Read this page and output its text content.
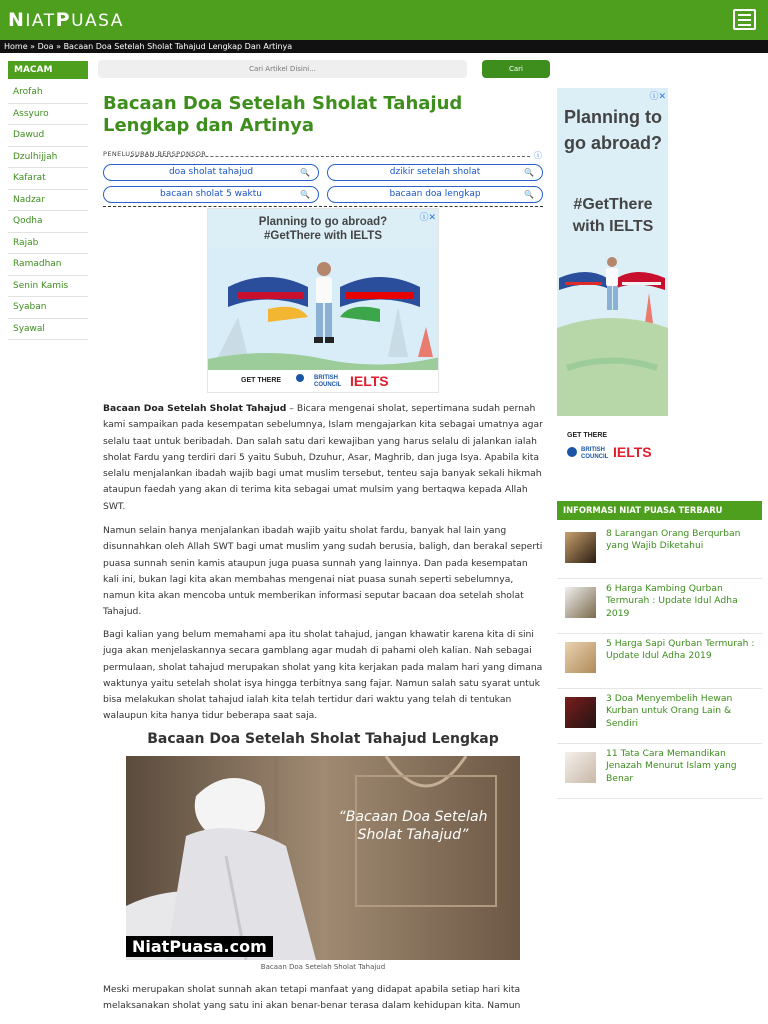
NIATPUASA
Home » Doa » Bacaan Doa Setelah Sholat Tahajud Lengkap Dan Artinya
MACAM
Arofah
Assyuro
Dawud
Dzulhijjah
Kafarat
Nadzar
Qodha
Rajab
Ramadhan
Senin Kamis
Syaban
Syawal
Cari Artikel Disini...
Cari
Bacaan Doa Setelah Sholat Tahajud Lengkap dan Artinya
PENELUSURAN BERSPONSOR	ⓘ
doa sholat tahajud	🔍	dzikir setelah sholat	🔍
bacaan sholat 5 waktu	🔍	bacaan doa lengkap	🔍
ⓘ✕
Planning to go abroad? #GetThere with IELTS
GET THERE	BRITISH
COUNCIL IELTS
ⓘ✕
Planning to go abroad?
#GetThere with IELTS
GET THERE
BRITISH
COUNCIL IELTS

Bacaan Doa Setelah Sholat Tahajud – Bicara mengenai sholat, sepertimana sudah pernah kami sampaikan pada kesempatan sebelumnya, Islam mengajarkan kita sebagai umatnya agar selalu taat untuk beribadah. Dan salah satu dari kewajiban yang harus selalu di jalankan ialah sholat Fardu yang terdiri dari 5 yaitu Subuh, Dzuhur, Asar, Maghrib, dan juga Isya. Apabila kita selalu menjalankan ibadah wajib bagi umat muslim tersebut, tenteu saja banyak sekali hikmah ataupun faedah yang akan di terima kita sebagai umat mulsim yang bertaqwa kepada Allah SWT.

Namun selain hanya menjalankan ibadah wajib yaitu sholat fardu, banyak hal lain yang disunnahkan oleh Allah SWT bagi umat muslim yang sudah berusia, baligh, dan berakal seperti puasa sunnah senin kamis ataupun juga puasa sunnah yang lainnya. Dan pada kesempatan kali ini, bukan lagi kita akan membahas mengenai niat puasa sunah seperti sebelumnya, namun kita akan mencoba untuk memberikan informasi seputar bacaan doa setelah sholat Tahajud.

Bagi kalian yang belum memahami apa itu sholat tahajud, jangan khawatir karena kita di sini juga akan menjelaskannya secara gamblang agar mudah di pahami oleh kalian. Nah sebagai permulaan, sholat tahajud merupakan sholat yang kita kerjakan pada malam hari yang dimana waktunya yaitu setelah sholat isya hingga terbitnya sang fajar. Namun salah satu syarat untuk bisa melakukan sholat tahajud ialah kita telah tertidur dari waktu yang telah di tentukan walaupun kita hanya tidur beberapa saat saja.

Bacaan Doa Setelah Sholat Tahajud Lengkap
“Bacaan Doa Setelah Sholat Tahajud”
NiatPuasa.com
Bacaan Doa Setelah Sholat Tahajud

Meski merupakan sholat sunnah akan tetapi manfaat yang didapat apabila setiap hari kita melaksanakan sholat yang satu ini akan benar-benar terasa dalam kehidupan kita. Namun

INFORMASI NIAT PUASA TERBARU
8 Larangan Orang Berqurban yang Wajib Diketahui
6 Harga Kambing Qurban Termurah : Update Idul Adha 2019
5 Harga Sapi Qurban Termurah : Update Idul Adha 2019
3 Doa Menyembelih Hewan Kurban untuk Orang Lain & Sendiri
11 Tata Cara Memandikan Jenazah Menurut Islam yang Benar
